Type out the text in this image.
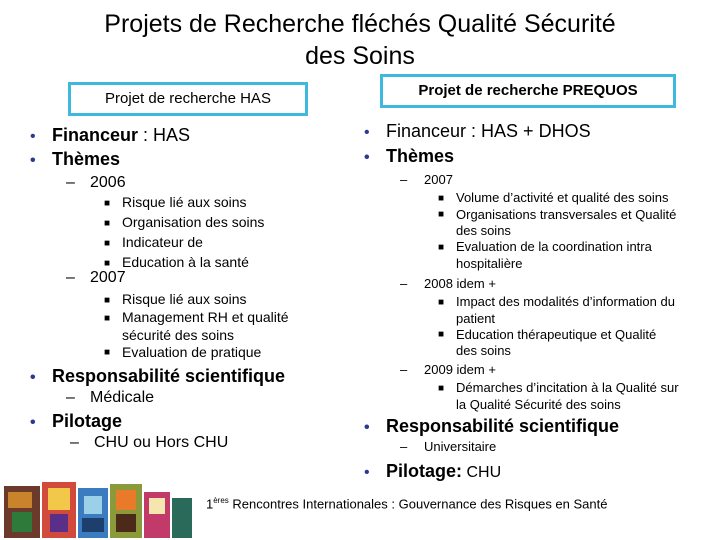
Projets de Recherche fléchés Qualité Sécurité
des Soins
Projet de recherche HAS	Projet de recherche PREQUOS
• Financeur : HAS
• Thèmes
– 2006
■ Risque lié aux soins
■ Organisation des soins
■ Indicateur de
■ Education à la santé
– 2007
■ Risque lié aux soins
■ Management RH et qualité
sécurité des soins
■ Evaluation de pratique
• Responsabilité scientifique
– Médicale
• Pilotage
– CHU ou Hors CHU
• Financeur : HAS + DHOS
• Thèmes
– 2007
■ Volume d’activité et qualité des soins
■ Organisations transversales et Qualité
des soins
■ Evaluation de la coordination intra
hospitalière
– 2008 idem +
■ Impact des modalités d’information du
patient
■ Education thérapeutique et Qualité
des soins
– 2009 idem +
■ Démarches d’incitation à la Qualité sur
la Qualité Sécurité des soins
• Responsabilité scientifique
– Universitaire
• Pilotage: CHU
1ères Rencontres Internationales : Gouvernance des Risques en Santé
